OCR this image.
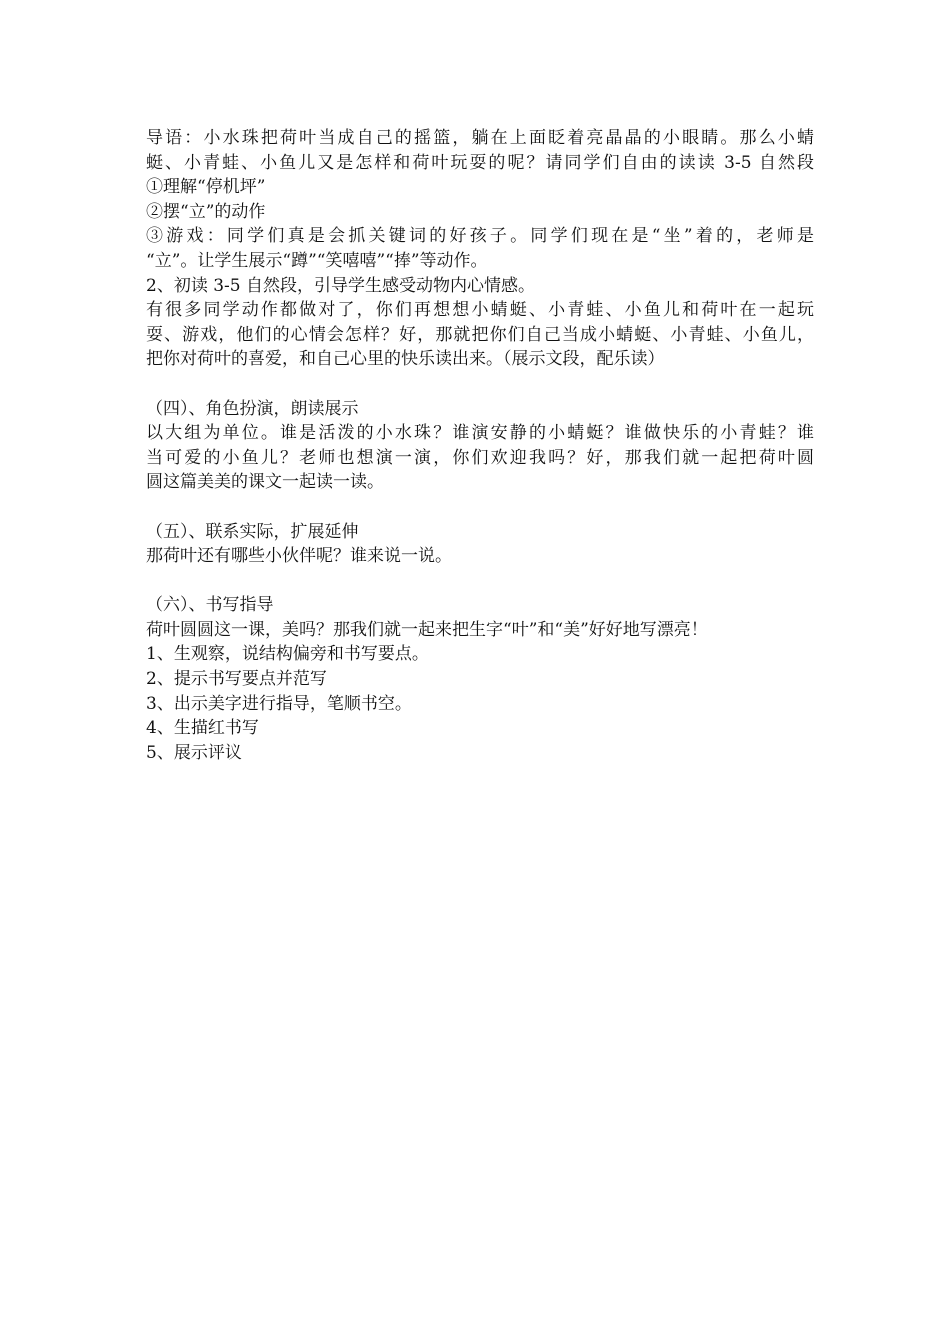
导语：小水珠把荷叶当成自己的摇篮，躺在上面眨着亮晶晶的小眼睛。那么小蜻
蜓、小青蛙、小鱼儿又是怎样和荷叶玩耍的呢？请同学们自由的读读 3-5 自然段
①理解“停机坪”
②摆“立”的动作
③游戏：同学们真是会抓关键词的好孩子。同学们现在是“坐”着的，老师是
“立”。让学生展示“蹲”“笑嘻嘻”“捧”等动作。
2、初读 3-5 自然段，引导学生感受动物内心情感。
有很多同学动作都做对了，你们再想想小蜻蜓、小青蛙、小鱼儿和荷叶在一起玩
耍、游戏，他们的心情会怎样？好，那就把你们自己当成小蜻蜓、小青蛙、小鱼儿，
把你对荷叶的喜爱，和自己心里的快乐读出来。（展示文段，配乐读）
（四）、角色扮演，朗读展示
以大组为单位。谁是活泼的小水珠？谁演安静的小蜻蜓？谁做快乐的小青蛙？谁
当可爱的小鱼儿？老师也想演一演，你们欢迎我吗？好，那我们就一起把荷叶圆
圆这篇美美的课文一起读一读。
（五）、联系实际，扩展延伸
那荷叶还有哪些小伙伴呢？谁来说一说。
（六）、书写指导
荷叶圆圆这一课，美吗？那我们就一起来把生字“叶”和“美”好好地写漂亮！
1、生观察，说结构偏旁和书写要点。
2、提示书写要点并范写
3、出示美字进行指导，笔顺书空。
4、生描红书写
5、展示评议
